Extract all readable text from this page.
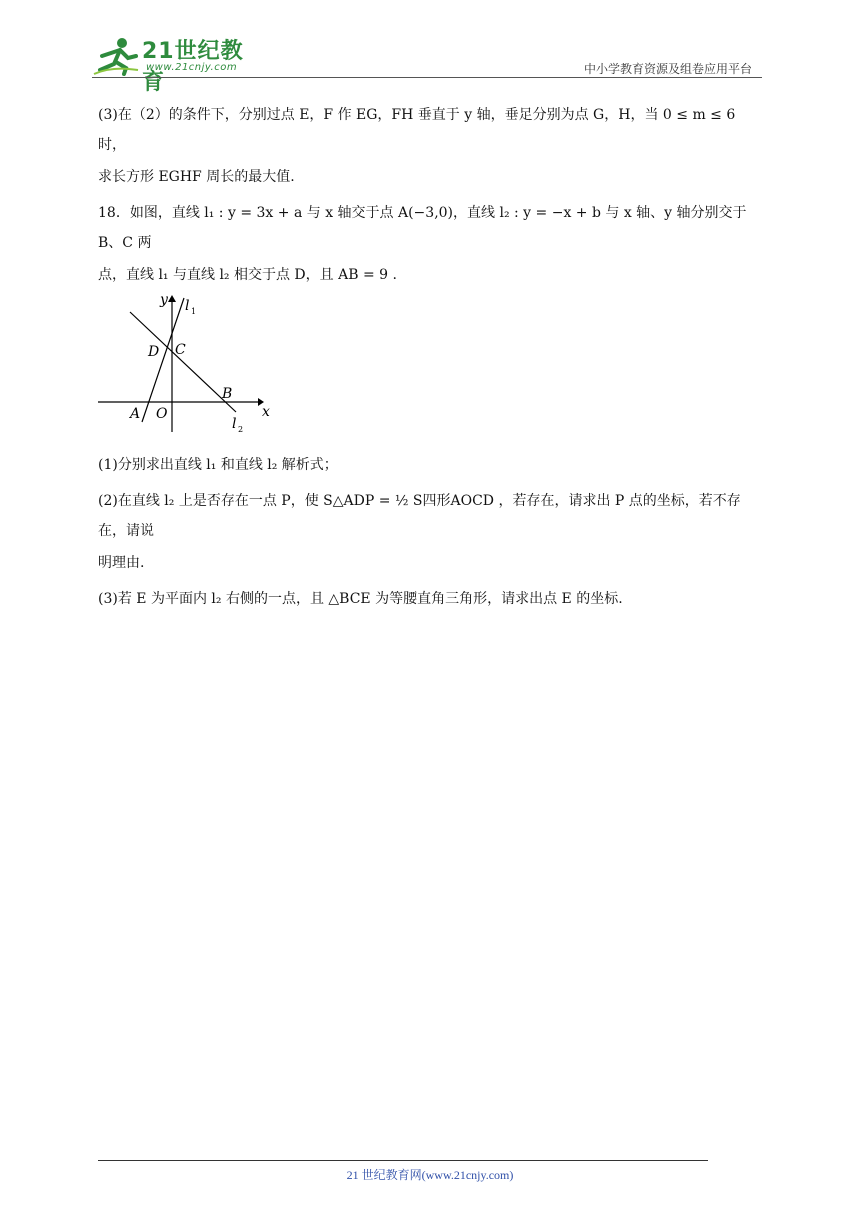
21世纪教育
www.21cnjy.com	中小学教育资源及组卷应用平台

(3)在（2）的条件下，分别过点 E，F 作 EG，FH 垂直于 y 轴，垂足分别为点 G，H，当 0 ≤ m ≤ 6 时，

求长方形 EGHF 周长的最大值.

18．如图，直线 l₁ : y = 3x + a 与 x 轴交于点 A(−3,0)，直线 l₂ : y = −x + b 与 x 轴、y 轴分别交于 B、C 两

点，直线 l₁ 与直线 l₂ 相交于点 D，且 AB = 9 .

y
x
l 1
l 2
A O
B
C
D

(1)分别求出直线 l₁ 和直线 l₂ 解析式；

(2)在直线 l₂ 上是否存在一点 P，使 S△ADP = ½ S四形AOCD ，若存在，请求出 P 点的坐标，若不存在，请说

明理由.

(3)若 E 为平面内 l₂ 右侧的一点，且 △BCE 为等腰直角三角形，请求出点 E 的坐标.

21 世纪教育网(www.21cnjy.com)
